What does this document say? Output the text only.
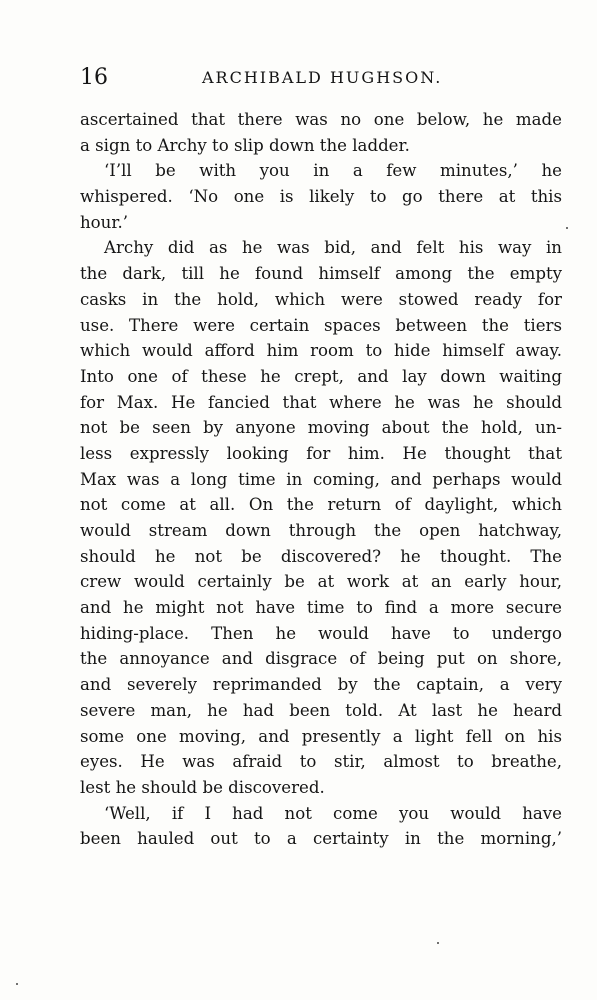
16	ARCHIBALD HUGHSON.
ascertained that there was no one below, he made
a sign to Archy to slip down the ladder.
‘I’ll be with you in a few minutes,’ he
whispered. ‘No one is likely to go there at this
hour.’
Archy did as he was bid, and felt his way in
the dark, till he found himself among the empty
casks in the hold, which were stowed ready for
use. There were certain spaces between the tiers
which would afford him room to hide himself away.
Into one of these he crept, and lay down waiting
for Max. He fancied that where he was he should
not be seen by anyone moving about the hold, un-
less expressly looking for him. He thought that
Max was a long time in coming, and perhaps would
not come at all. On the return of daylight, which
would stream down through the open hatchway,
should he not be discovered? he thought. The
crew would certainly be at work at an early hour,
and he might not have time to find a more secure
hiding-place. Then he would have to undergo
the annoyance and disgrace of being put on shore,
and severely reprimanded by the captain, a very
severe man, he had been told. At last he heard
some one moving, and presently a light fell on his
eyes. He was afraid to stir, almost to breathe,
lest he should be discovered.
‘Well, if I had not come you would have
been hauled out to a certainty in the morning,’
